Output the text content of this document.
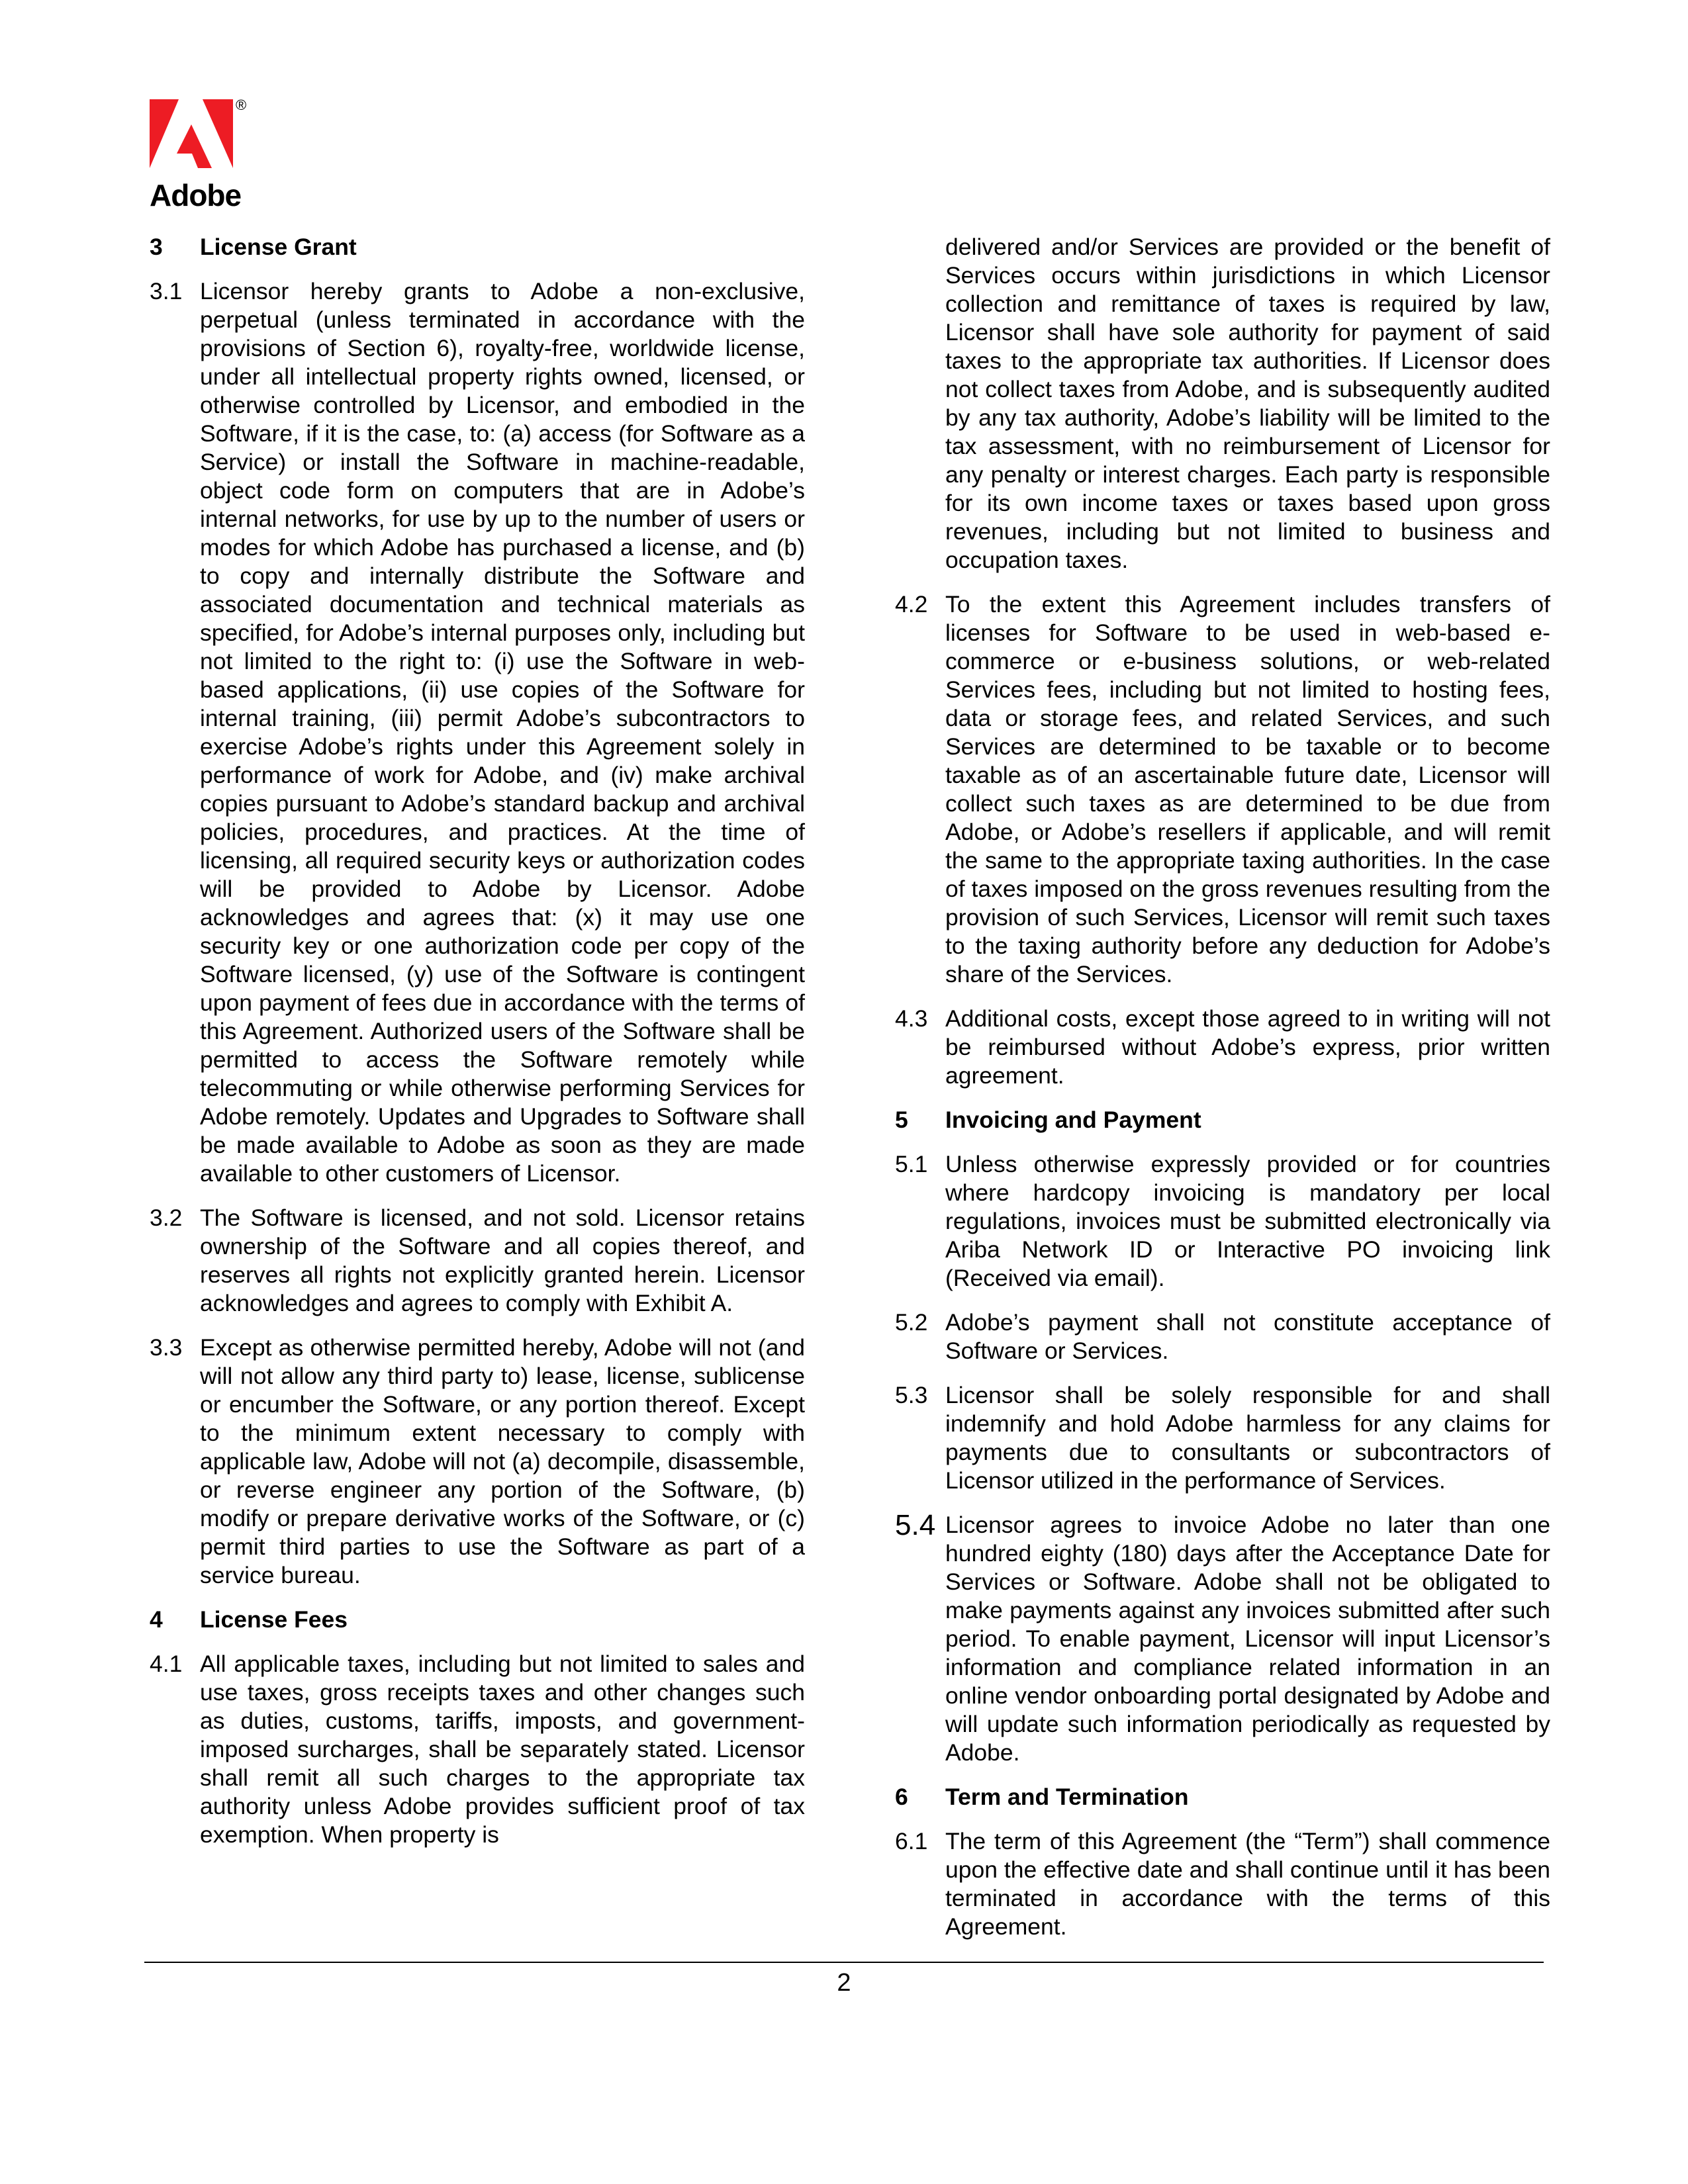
®
Adobe
3	License Grant
3.1 Licensor hereby grants to Adobe a non-exclusive, perpetual (unless terminated in accordance with the provisions of Section 6), royalty-free, worldwide license, under all intellectual property rights owned, licensed, or otherwise controlled by Licensor, and embodied in the Software, if it is the case, to: (a) access (for Software as a Service) or install the Software in machine-readable, object code form on computers that are in Adobe’s internal networks, for use by up to the number of users or modes for which Adobe has purchased a license, and (b) to copy and internally distribute the Software and associated documentation and technical materials as specified, for Adobe’s internal purposes only, including but not limited to the right to: (i) use the Software in web-based applications, (ii) use copies of the Software for internal training, (iii) permit Adobe’s subcontractors to exercise Adobe’s rights under this Agreement solely in performance of work for Adobe, and (iv) make archival copies pursuant to Adobe’s standard backup and archival policies, procedures, and practices. At the time of licensing, all required security keys or authorization codes will be provided to Adobe by Licensor. Adobe acknowledges and agrees that: (x) it may use one security key or one authorization code per copy of the Software licensed, (y) use of the Software is contingent upon payment of fees due in accordance with the terms of this Agreement. Authorized users of the Software shall be permitted to access the Software remotely while telecommuting or while otherwise performing Services for Adobe remotely. Updates and Upgrades to Software shall be made available to Adobe as soon as they are made available to other customers of Licensor.
3.2 The Software is licensed, and not sold. Licensor retains ownership of the Software and all copies thereof, and reserves all rights not explicitly granted herein. Licensor acknowledges and agrees to comply with Exhibit A.
3.3 Except as otherwise permitted hereby, Adobe will not (and will not allow any third party to) lease, license, sublicense or encumber the Software, or any portion thereof. Except to the minimum extent necessary to comply with applicable law, Adobe will not (a) decompile, disassemble, or reverse engineer any portion of the Software, (b) modify or prepare derivative works of the Software, or (c) permit third parties to use the Software as part of a service bureau.
4	License Fees
4.1 All applicable taxes, including but not limited to sales and use taxes, gross receipts taxes and other changes such as duties, customs, tariffs, imposts, and government-imposed surcharges, shall be separately stated. Licensor shall remit all such charges to the appropriate tax authority unless Adobe provides sufficient proof of tax exemption. When property is
delivered and/or Services are provided or the benefit of Services occurs within jurisdictions in which Licensor collection and remittance of taxes is required by law, Licensor shall have sole authority for payment of said taxes to the appropriate tax authorities. If Licensor does not collect taxes from Adobe, and is subsequently audited by any tax authority, Adobe’s liability will be limited to the tax assessment, with no reimbursement of Licensor for any penalty or interest charges. Each party is responsible for its own income taxes or taxes based upon gross revenues, including but not limited to business and occupation taxes.
4.2 To the extent this Agreement includes transfers of licenses for Software to be used in web-based e-commerce or e-business solutions, or web-related Services fees, including but not limited to hosting fees, data or storage fees, and related Services, and such Services are determined to be taxable or to become taxable as of an ascertainable future date, Licensor will collect such taxes as are determined to be due from Adobe, or Adobe’s resellers if applicable, and will remit the same to the appropriate taxing authorities. In the case of taxes imposed on the gross revenues resulting from the provision of such Services, Licensor will remit such taxes to the taxing authority before any deduction for Adobe’s share of the Services.
4.3 Additional costs, except those agreed to in writing will not be reimbursed without Adobe’s express, prior written agreement.
5	Invoicing and Payment
5.1 Unless otherwise expressly provided or for countries where hardcopy invoicing is mandatory per local regulations, invoices must be submitted electronically via Ariba Network ID or Interactive PO invoicing link (Received via email).
5.2 Adobe’s payment shall not constitute acceptance of Software or Services.
5.3 Licensor shall be solely responsible for and shall indemnify and hold Adobe harmless for any claims for payments due to consultants or subcontractors of Licensor utilized in the performance of Services.
5.4 Licensor agrees to invoice Adobe no later than one hundred eighty (180) days after the Acceptance Date for Services or Software. Adobe shall not be obligated to make payments against any invoices submitted after such period. To enable payment, Licensor will input Licensor’s information and compliance related information in an online vendor onboarding portal designated by Adobe and will update such information periodically as requested by Adobe.
6	Term and Termination
6.1 The term of this Agreement (the “Term”) shall commence upon the effective date and shall continue until it has been terminated in accordance with the terms of this Agreement.
2
